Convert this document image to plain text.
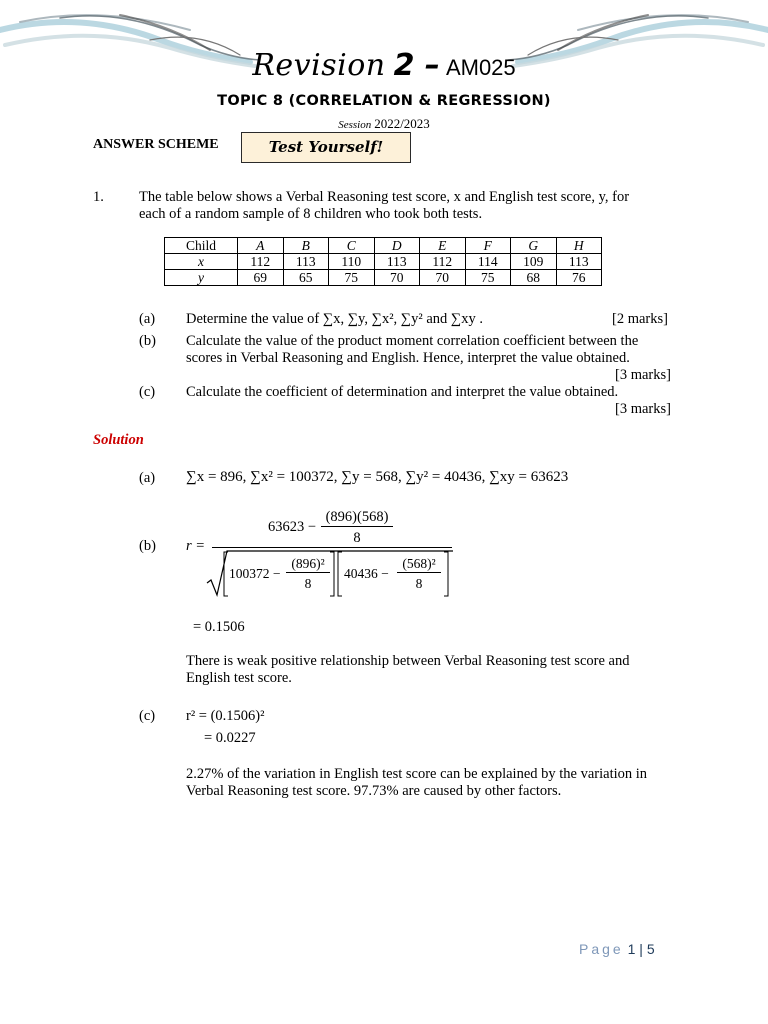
Revision 2 – AM025
TOPIC 8 (CORRELATION & REGRESSION)
Session 2022/2023
ANSWER SCHEME	Test Yourself!
1. The table below shows a Verbal Reasoning test score, x and English test score, y, for
each of a random sample of 8 children who took both tests.
Child	A	B	C	D	E	F	G	H
x	112	113	110	113	112	114	109	113
y	69	65	75	70	70	75	68	76
(a) Determine the value of ∑x, ∑y, ∑x², ∑y² and ∑xy .	[2 marks]
(b) Calculate the value of the product moment correlation coefficient between the
scores in Verbal Reasoning and English. Hence, interpret the value obtained.
[3 marks]
(c) Calculate the coefficient of determination and interpret the value obtained.
[3 marks]
Solution
(a) ∑x = 896, ∑x² = 100372, ∑y = 568, ∑y² = 40436, ∑xy = 63623
(b) r =
63623 −
(896)(568)
8
100372 −
(896)²
8
40436 −
(568)²
8
= 0.1506
There is weak positive relationship between Verbal Reasoning test score and
English test score.
(c) r² = (0.1506)²
= 0.0227
2.27% of the variation in English test score can be explained by the variation in
Verbal Reasoning test score. 97.73% are caused by other factors.
Page 1 | 5
